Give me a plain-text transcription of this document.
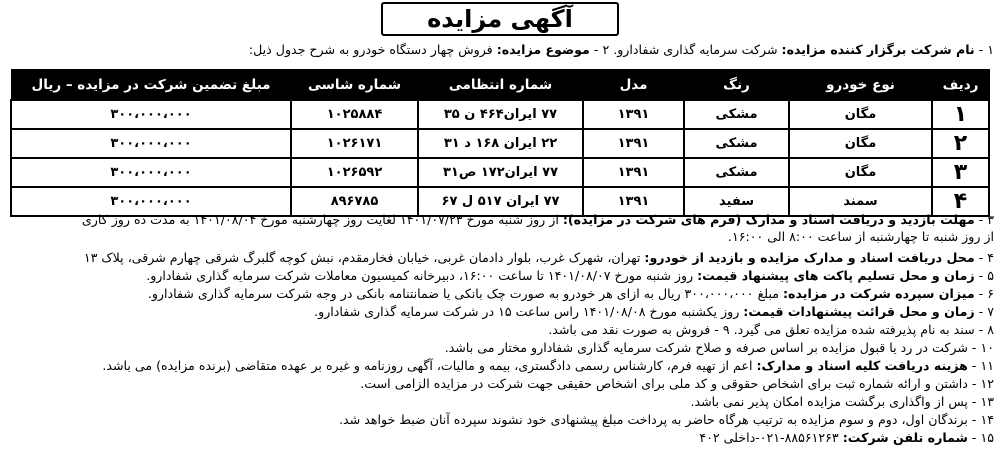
آگهی مزایده
۱ - نام شرکت برگزار کننده مزایده: شرکت سرمایه گذاری شفادارو. ۲ - موضوع مزایده: فروش چهار دستگاه خودرو به شرح جدول ذیل:
ردیف	نوع خودرو	رنگ	مدل	شماره انتظامی	شماره شاسی	مبلغ تضمین شرکت در مزایده – ریال
۱	مگان	مشکی	۱۳۹۱	۷۷ ایران۴۶۴ ن ۳۵	۱۰۲۵۸۸۴	۳۰۰،۰۰۰،۰۰۰
۲	مگان	مشکی	۱۳۹۱	۲۲ ایران ۱۶۸ د ۳۱	۱۰۲۶۱۷۱	۳۰۰،۰۰۰،۰۰۰
۳	مگان	مشکی	۱۳۹۱	۷۷ ایران۱۷۲ ص۳۱	۱۰۲۶۵۹۲	۳۰۰،۰۰۰،۰۰۰
۴	سمند	سفید	۱۳۹۱	۷۷ ایران ۵۱۷ ل ۶۷	۸۹۶۷۸۵	۳۰۰،۰۰۰،۰۰۰
۳ - مهلت بازدید و دریافت اسناد و مدارک (فرم های شرکت در مزایده): از روز شنبه مورخ ۱۴۰۱/۰۷/۲۳ لغایت روز چهارشنبه مورخ ۱۴۰۱/۰۸/۰۴ به مدت ده روز کاری
از روز شنبه تا چهارشنبه از ساعت ۸:۰۰ الی ۱۶:۰۰.
۴ - محل دریافت اسناد و مدارک مزایده و بازدید از خودرو: تهران، شهرک غرب، بلوار دادمان غربی، خیابان فخارمقدم، نبش کوچه گلبرگ شرقی چهارم شرقی، پلاک ۱۳
۵ - زمان و محل تسلیم پاکت های پیشنهاد قیمت: روز شنبه مورخ ۱۴۰۱/۰۸/۰۷ تا ساعت ۱۶:۰۰، دبیرخانه کمیسیون معاملات شرکت سرمایه گذاری شفادارو.
۶ - میزان سپرده شرکت در مزایده: مبلغ ۳۰۰،۰۰۰،۰۰۰ ریال به ازای هر خودرو به صورت چک بانکی یا ضمانتنامه بانکی در وجه شرکت سرمایه گذاری شفادارو.
۷ - زمان و محل قرائت پیشنهادات قیمت: روز یکشنبه مورخ ۱۴۰۱/۰۸/۰۸ راس ساعت ۱۵ در شرکت سرمایه گذاری شفادارو.
۸ - سند به نام پذیرفته شده مزایده تعلق می گیرد. ۹ - فروش به صورت نقد می باشد.
۱۰ - شرکت در رد یا قبول مزایده بر اساس صرفه و صلاح شرکت سرمایه گذاری شفادارو مختار می باشد.
۱۱ - هزینه دریافت کلیه اسناد و مدارک: اعم از تهیه فرم، کارشناس رسمی دادگستری، بیمه و مالیات، آگهی روزنامه و غیره بر عهده متقاضی (برنده مزایده) می باشد.
۱۲ - داشتن و ارائه شماره ثبت برای اشخاص حقوقی و کد ملی برای اشخاص حقیقی جهت شرکت در مزایده الزامی است.
۱۳ - پس از واگذاری برگشت مزایده امکان پذیر نمی باشد.
۱۴ - برندگان اول، دوم و سوم مزایده به ترتیب هرگاه حاضر به پرداخت مبلغ پیشنهادی خود نشوند سپرده آنان ضبط خواهد شد.
۱۵ - شماره تلفن شرکت: ۸۸۵۶۱۲۶۳-۰۲۱-داخلی ۴۰۲
